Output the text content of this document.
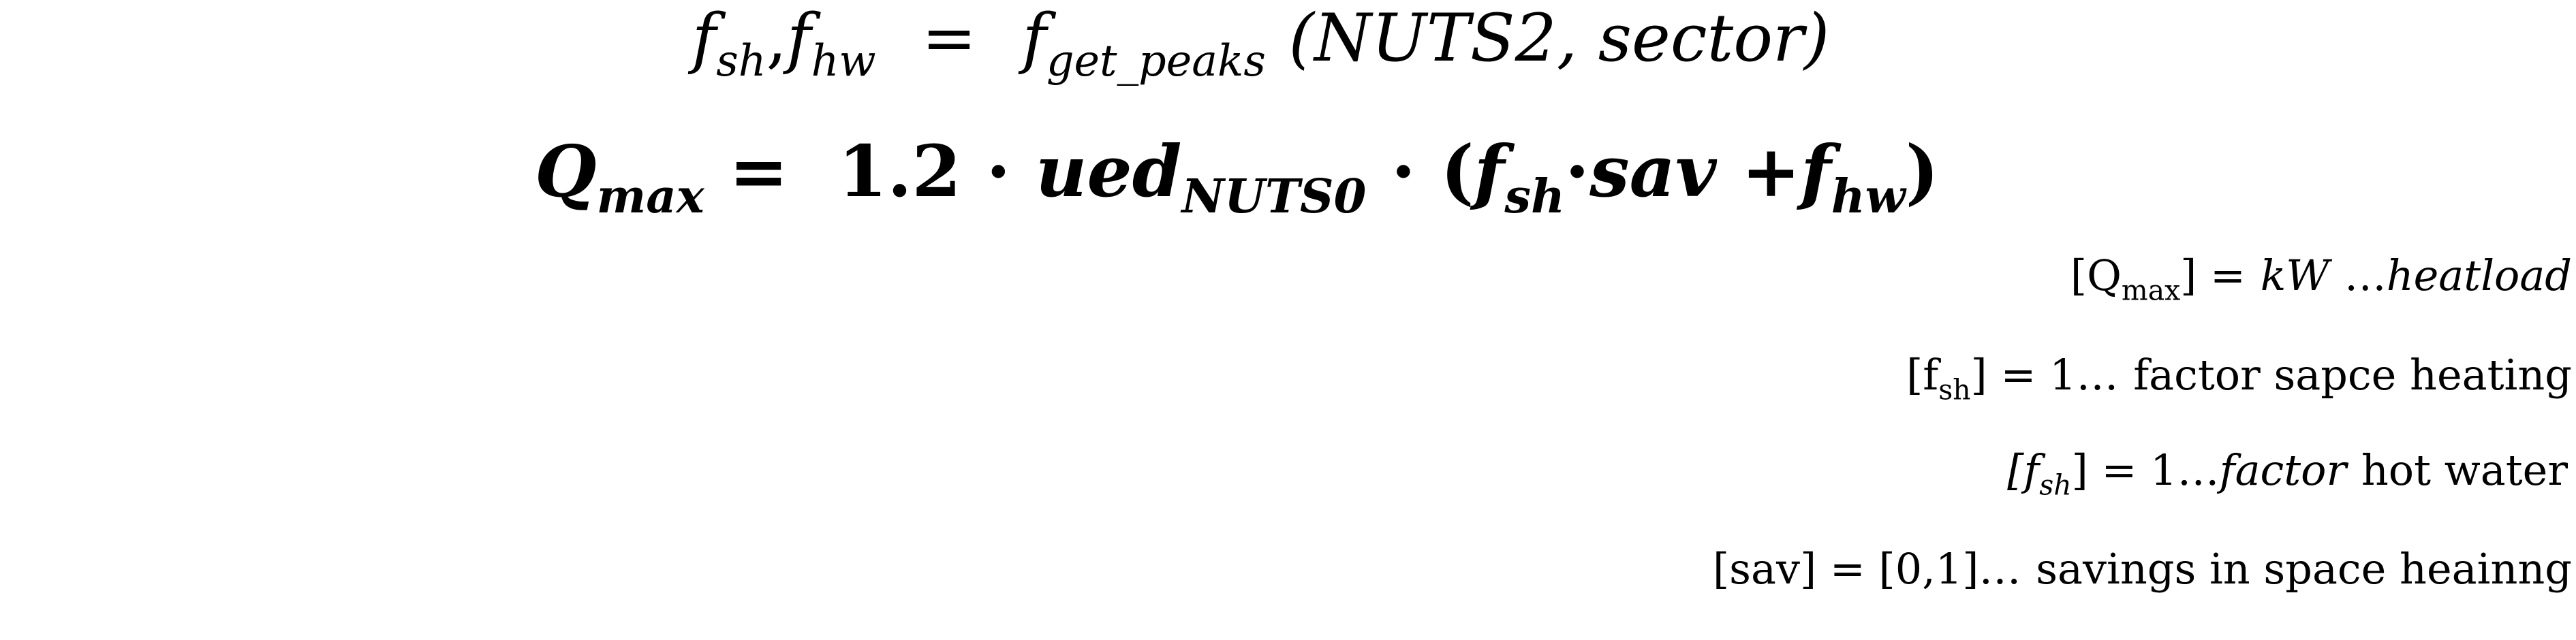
$f_{sh},f_{hw} = f_{get\_peaks}$ (NUTS2, sector)
$Q_{max} = 1.2 \cdot ued_{NUTS0} \cdot (f_{sh}\cdot sav +f_{hw})$
$[Q_{max}]$ = kW …heatload
$[f_{sh}]$ = 1… factor sapce heating
$[f_{sh}]$ = 1…factor hot water
[sav] = [0,1]… savings in space heainng
